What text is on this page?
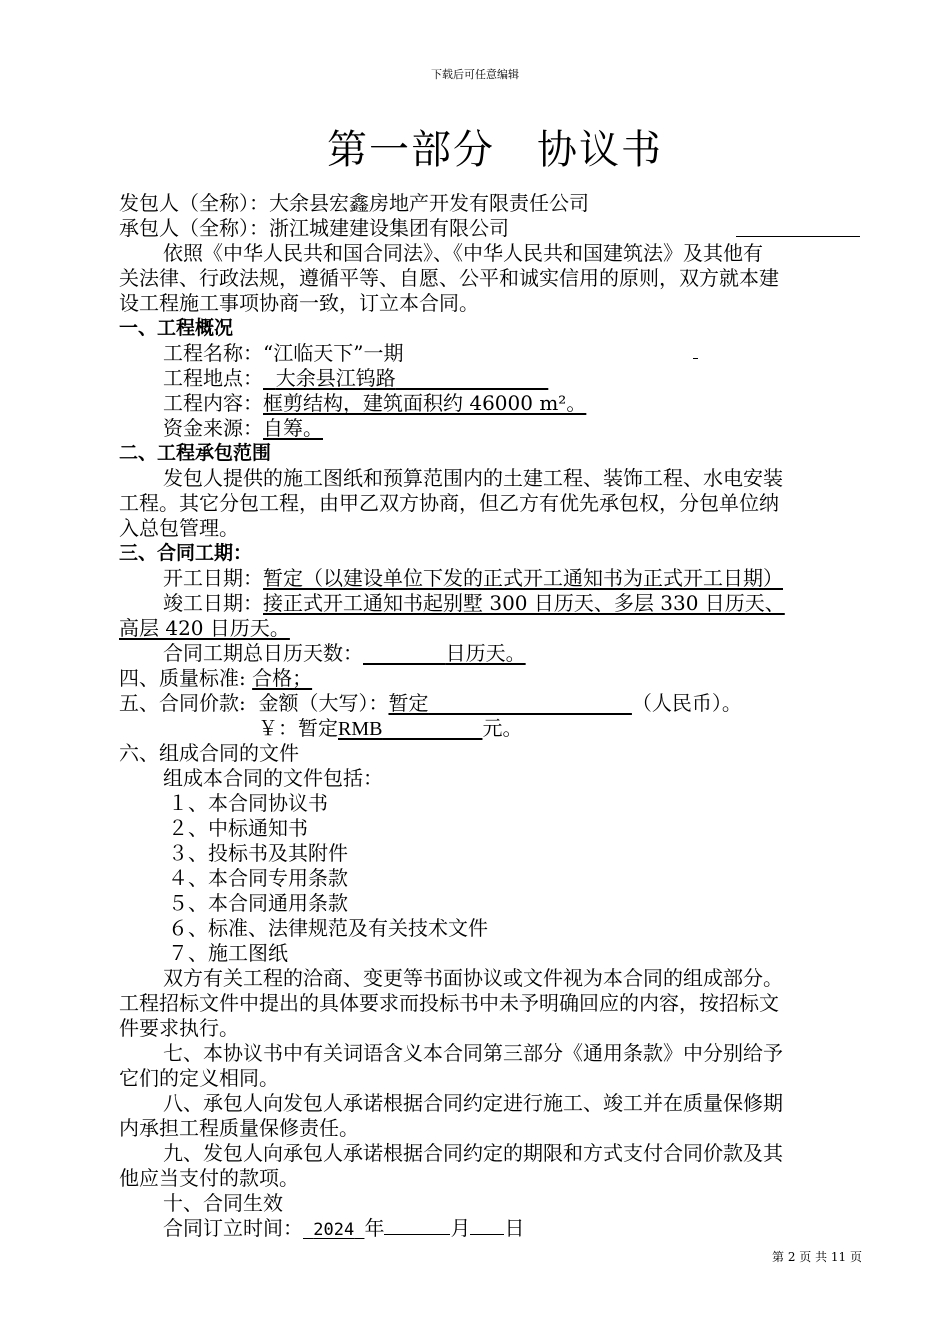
下载后可任意编辑
第一部分　协议书
发包人（全称）：大余县宏鑫房地产开发有限责任公司
承包人（全称）：浙江城建建设集团有限公司
依照《中华人民共和国合同法》、《中华人民共和国建筑法》及其他有
关法律、行政法规，遵循平等、自愿、公平和诚实信用的原则，双方就本建
设工程施工事项协商一致，订立本合同。
一、工程概况
工程名称：“江临天下”一期
工程地点： 大余县江钨路
工程内容：框剪结构，建筑面积约 46000 m²。
资金来源：自筹。
二、工程承包范围
发包人提供的施工图纸和预算范围内的土建工程、装饰工程、水电安装
工程。其它分包工程，由甲乙双方协商，但乙方有优先承包权，分包单位纳
入总包管理。
三、合同工期：
开工日期：暂定（以建设单位下发的正式开工通知书为正式开工日期）
竣工日期：接正式开工通知书起别墅 300 日历天、多层 330 日历天、
高层 420 日历天。
合同工期总日历天数：	日历天。
四、质量标准: 合格；
五、合同价款: 金额（大写）：暂定	（人民币）。
￥：暂定RMB	元。
六、组成合同的文件
组成本合同的文件包括：
１、本合同协议书
２、中标通知书
３、投标书及其附件
４、本合同专用条款
５、本合同通用条款
６、标准、法律规范及有关技术文件
７、施工图纸
双方有关工程的洽商、变更等书面协议或文件视为本合同的组成部分。
工程招标文件中提出的具体要求而投标书中未予明确回应的内容，按招标文
件要求执行。
七、本协议书中有关词语含义本合同第三部分《通用条款》中分别给予
它们的定义相同。
八、承包人向发包人承诺根据合同约定进行施工、竣工并在质量保修期
内承担工程质量保修责任。
九、发包人向承包人承诺根据合同约定的期限和方式支付合同价款及其
他应当支付的款项。
十、合同生效
合同订立时间： 2024 年	月 日
第 2 页 共 11 页
